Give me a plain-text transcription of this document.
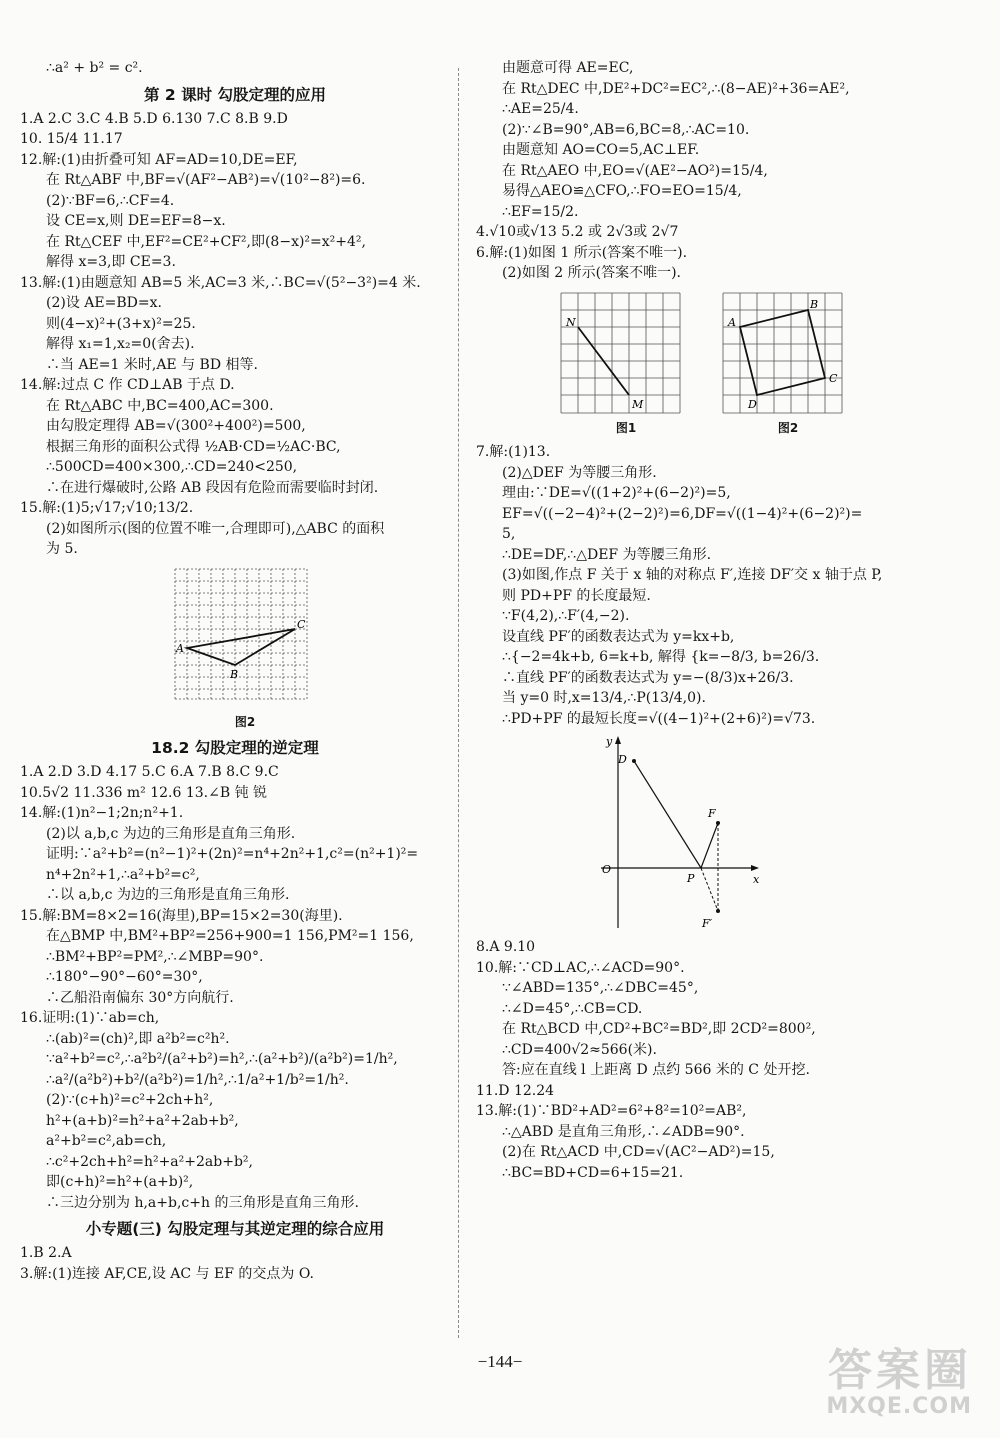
∴a² + b² = c².
第 2 课时 勾股定理的应用
1.A 2.C 3.C 4.B 5.D 6.130 7.C 8.B 9.D
10. 15/4 11.17
12.解:(1)由折叠可知 AF=AD=10,DE=EF,
在 Rt△ABF 中,BF=√(AF²−AB²)=√(10²−8²)=6.
(2)∵BF=6,∴CF=4.
设 CE=x,则 DE=EF=8−x.
在 Rt△CEF 中,EF²=CE²+CF²,即(8−x)²=x²+4²,
解得 x=3,即 CE=3.
13.解:(1)由题意知 AB=5 米,AC=3 米,∴BC=√(5²−3²)=4 米.
(2)设 AE=BD=x.
则(4−x)²+(3+x)²=25.
解得 x₁=1,x₂=0(舍去).
∴当 AE=1 米时,AE 与 BD 相等.
14.解:过点 C 作 CD⊥AB 于点 D.
在 Rt△ABC 中,BC=400,AC=300.
由勾股定理得 AB=√(300²+400²)=500,
根据三角形的面积公式得 ½AB·CD=½AC·BC,
∴500CD=400×300,∴CD=240<250,
∴在进行爆破时,公路 AB 段因有危险而需要临时封闭.
15.解:(1)5;√17;√10;13/2.
(2)如图所示(图的位置不唯一,合理即可),△ABC 的面积
为 5.
A
B
C
图2
18.2 勾股定理的逆定理
1.A 2.D 3.D 4.17 5.C 6.A 7.B 8.C 9.C
10.5√2 11.336 m² 12.6 13.∠B 钝 锐
14.解:(1)n²−1;2n;n²+1.
(2)以 a,b,c 为边的三角形是直角三角形.
证明:∵a²+b²=(n²−1)²+(2n)²=n⁴+2n²+1,c²=(n²+1)²=
n⁴+2n²+1,∴a²+b²=c²,
∴以 a,b,c 为边的三角形是直角三角形.
15.解:BM=8×2=16(海里),BP=15×2=30(海里).
在△BMP 中,BM²+BP²=256+900=1 156,PM²=1 156,
∴BM²+BP²=PM²,∴∠MBP=90°.
∴180°−90°−60°=30°,
∴乙船沿南偏东 30°方向航行.
16.证明:(1)∵ab=ch,
∴(ab)²=(ch)²,即 a²b²=c²h².
∵a²+b²=c²,∴a²b²/(a²+b²)=h²,∴(a²+b²)/(a²b²)=1/h²,
∴a²/(a²b²)+b²/(a²b²)=1/h²,∴1/a²+1/b²=1/h².
(2)∵(c+h)²=c²+2ch+h²,
h²+(a+b)²=h²+a²+2ab+b²,
a²+b²=c²,ab=ch,
∴c²+2ch+h²=h²+a²+2ab+b²,
即(c+h)²=h²+(a+b)²,
∴三边分别为 h,a+b,c+h 的三角形是直角三角形.
小专题(三) 勾股定理与其逆定理的综合应用
1.B 2.A
3.解:(1)连接 AF,CE,设 AC 与 EF 的交点为 O.
由题意可得 AE=EC,
在 Rt△DEC 中,DE²+DC²=EC²,∴(8−AE)²+36=AE²,
∴AE=25/4.
(2)∵∠B=90°,AB=6,BC=8,∴AC=10.
由题意知 AO=CO=5,AC⊥EF.
在 Rt△AEO 中,EO=√(AE²−AO²)=15/4,
易得△AEO≌△CFO,∴FO=EO=15/4,
∴EF=15/2.
4.√10或√13 5.2 或 2√3或 2√7
6.解:(1)如图 1 所示(答案不唯一).
(2)如图 2 所示(答案不唯一).
N
M
图1
A
B
C
D
图2
7.解:(1)13.
(2)△DEF 为等腰三角形.
理由:∵DE=√((1+2)²+(6−2)²)=5,
EF=√((−2−4)²+(2−2)²)=6,DF=√((1−4)²+(6−2)²)=
5,
∴DE=DF,∴△DEF 为等腰三角形.
(3)如图,作点 F 关于 x 轴的对称点 F′,连接 DF′交 x 轴于点 P,
则 PD+PF 的长度最短.
∵F(4,2),∴F′(4,−2).
设直线 PF′的函数表达式为 y=kx+b,
∴{−2=4k+b, 6=k+b, 解得 {k=−8/3, b=26/3.
∴直线 PF′的函数表达式为 y=−(8/3)x+26/3.
当 y=0 时,x=13/4,∴P(13/4,0).
∴PD+PF 的最短长度=√((4−1)²+(2+6)²)=√73.
y
x
O
D
F
P
F′
8.A 9.10
10.解:∵CD⊥AC,∴∠ACD=90°.
∵∠ABD=135°,∴∠DBC=45°,
∴∠D=45°,∴CB=CD.
在 Rt△BCD 中,CD²+BC²=BD²,即 2CD²=800²,
∴CD=400√2≈566(米).
答:应在直线 l 上距离 D 点约 566 米的 C 处开挖.
11.D 12.24
13.解:(1)∵BD²+AD²=6²+8²=10²=AB²,
∴△ABD 是直角三角形,∴∠ADB=90°.
(2)在 Rt△ACD 中,CD=√(AC²−AD²)=15,
∴BC=BD+CD=6+15=21.
−144−	答案圈
MXQE.COM
